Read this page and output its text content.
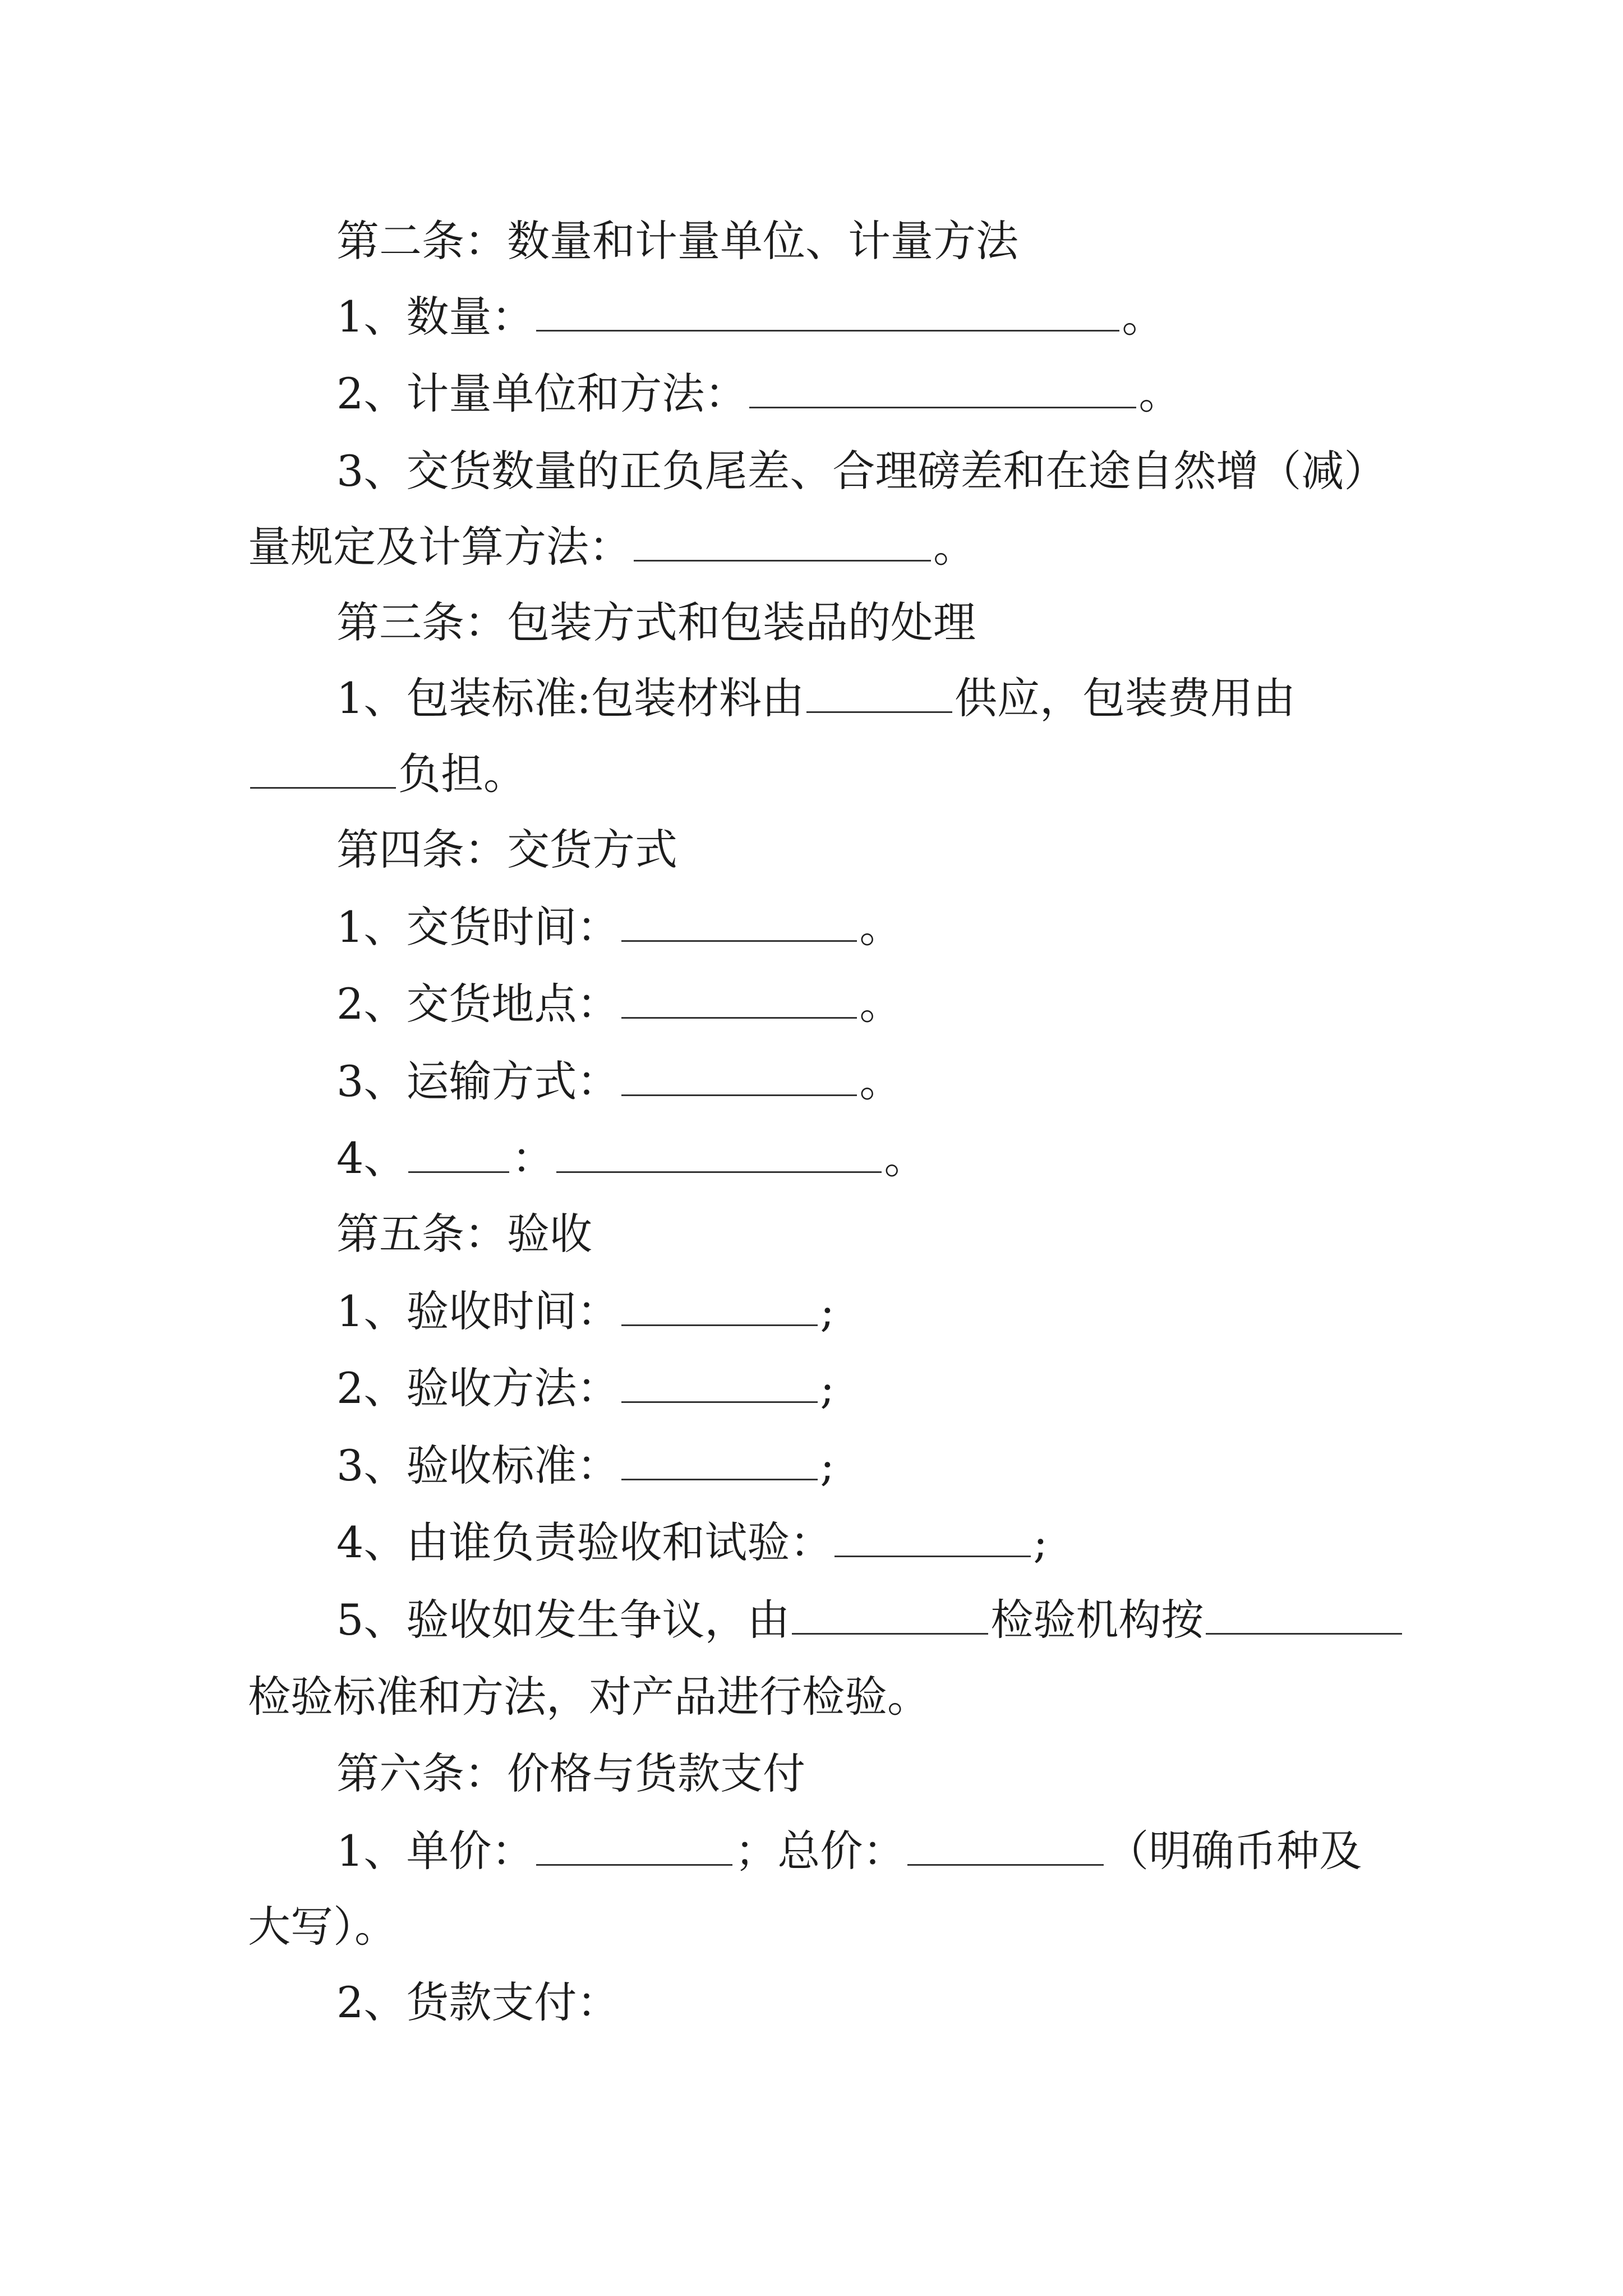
第二条：数量和计量单位、计量方法
1、数量：	。
2、计量单位和方法：	。
3、交货数量的正负尾差、合理磅差和在途自然增（减）
量规定及计算方法：	。
第三条：包装方式和包装品的处理
1、包装标准:包装材料由	供应，包装费用由
负担。
第四条：交货方式
1、交货时间：	。
2、交货地点：	。
3、运输方式：	。
4、 ：	。
第五条：验收
1、验收时间：	;
2、验收方法：	;
3、验收标准：	;
4、由谁负责验收和试验：	;
5、验收如发生争议，由	检验机构按
检验标准和方法，对产品进行检验。
第六条：价格与货款支付
1、单价：	；总价：	（明确币种及
大写）。
2、货款支付：
